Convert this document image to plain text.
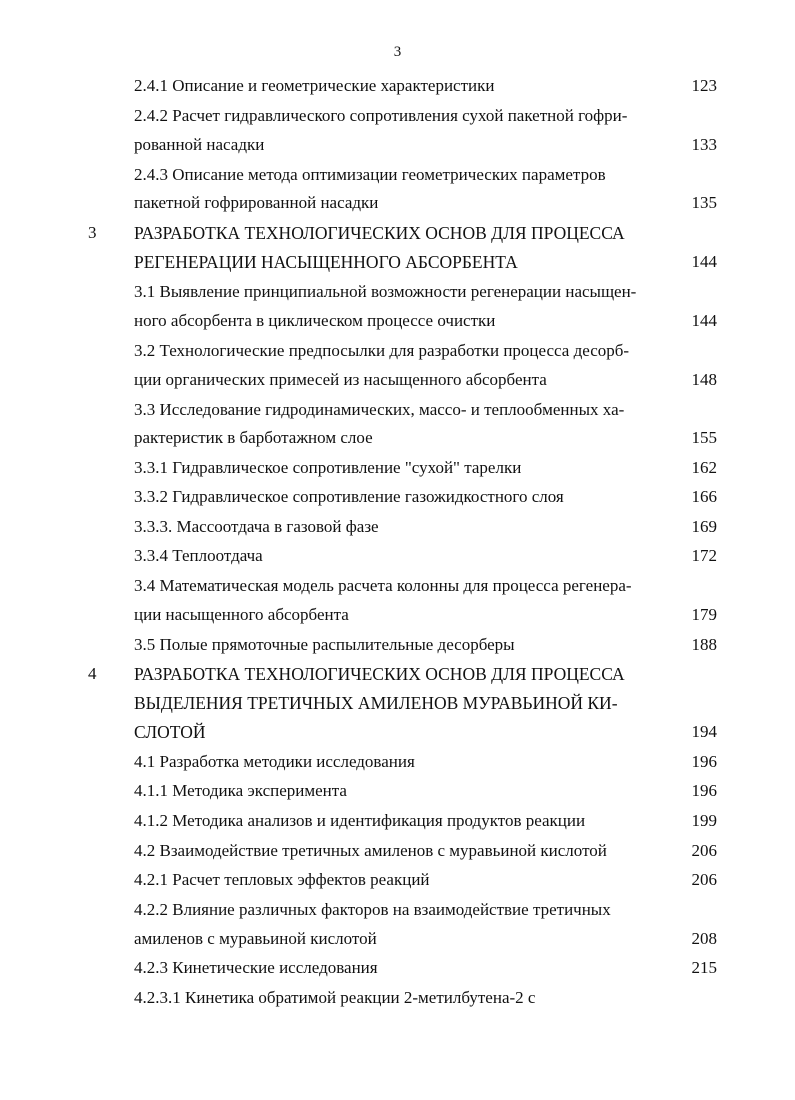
3
2.4.1 Описание и геометрические характеристики	123
2.4.2 Расчет гидравлического сопротивления сухой пакетной гофри-
рованной насадки	133
2.4.3 Описание метода оптимизации геометрических параметров
пакетной гофрированной насадки	135
3 РАЗРАБОТКА ТЕХНОЛОГИЧЕСКИХ ОСНОВ ДЛЯ ПРОЦЕССА
РЕГЕНЕРАЦИИ НАСЫЩЕННОГО АБСОРБЕНТА	144
3.1 Выявление принципиальной возможности регенерации насыщен-
ного абсорбента в циклическом процессе очистки	144
3.2 Технологические предпосылки для разработки процесса десорб-
ции органических примесей из насыщенного абсорбента	148
3.3 Исследование гидродинамических, массо- и теплообменных ха-
рактеристик в барботажном слое	155
3.3.1 Гидравлическое сопротивление "сухой" тарелки	162
3.3.2 Гидравлическое сопротивление газожидкостного слоя	166
3.3.3. Массоотдача в газовой фазе	169
3.3.4 Теплоотдача	172
3.4 Математическая модель расчета колонны для процесса регенера-
ции насыщенного абсорбента	179
3.5 Полые прямоточные распылительные десорберы	188
4 РАЗРАБОТКА ТЕХНОЛОГИЧЕСКИХ ОСНОВ ДЛЯ ПРОЦЕССА
ВЫДЕЛЕНИЯ ТРЕТИЧНЫХ АМИЛЕНОВ МУРАВЬИНОЙ КИ-
СЛОТОЙ	194
4.1 Разработка методики исследования	196
4.1.1 Методика эксперимента	196
4.1.2 Методика анализов и идентификация продуктов реакции	199
4.2 Взаимодействие третичных амиленов с муравьиной кислотой	206
4.2.1 Расчет тепловых эффектов реакций	206
4.2.2 Влияние различных факторов на взаимодействие третичных
амиленов с муравьиной кислотой	208
4.2.3 Кинетические исследования	215
4.2.3.1 Кинетика обратимой реакции 2-метилбутена-2 с
